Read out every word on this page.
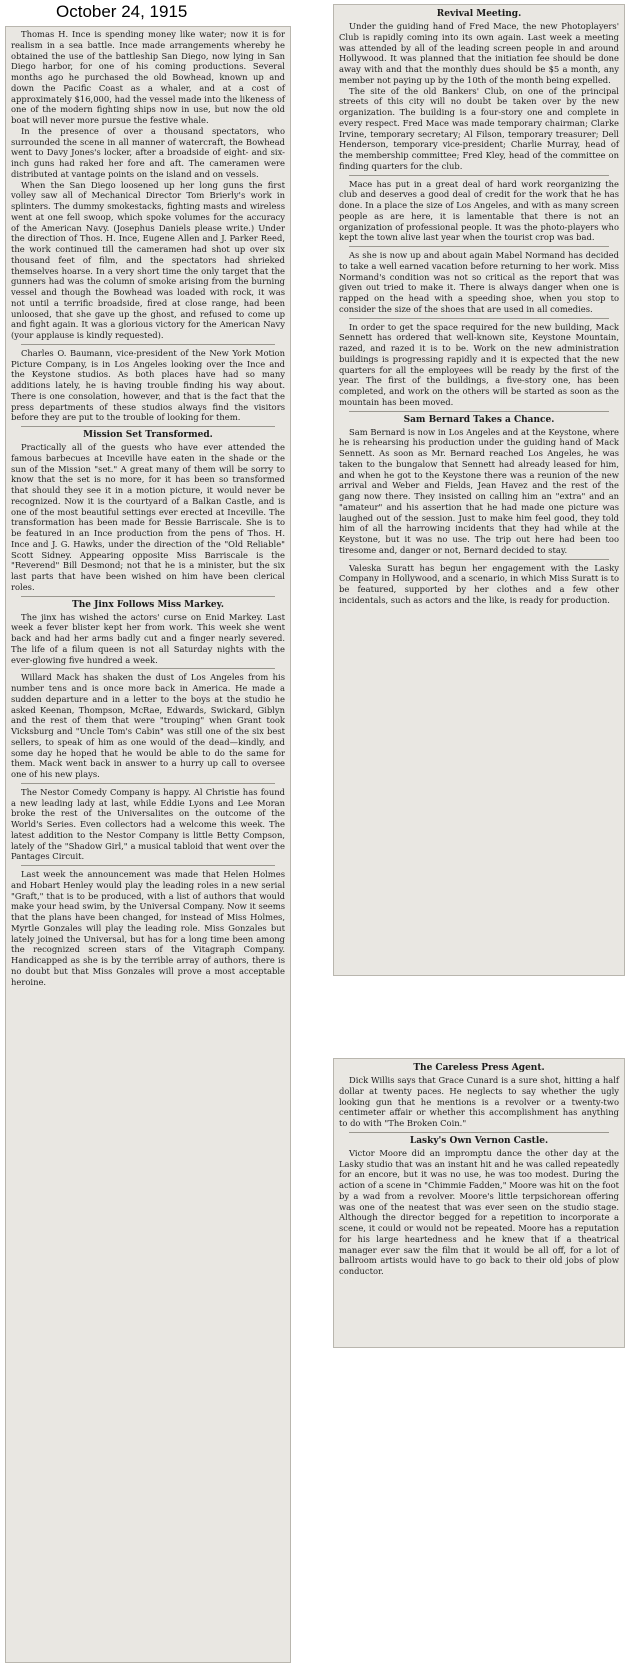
October 24, 1915

Thomas H. Ince is spending money like water; now it is for realism in a sea battle. Ince made arrangements whereby he obtained the use of the battleship San Diego, now lying in San Diego harbor, for one of his coming productions. Several months ago he purchased the old Bowhead, known up and down the Pacific Coast as a whaler, and at a cost of approximately $16,000, had the vessel made into the likeness of one of the modern fighting ships now in use, but now the old boat will never more pursue the festive whale.

In the presence of over a thousand spectators, who surrounded the scene in all manner of watercraft, the Bowhead went to Davy Jones's locker, after a broadside of eight- and six-inch guns had raked her fore and aft. The cameramen were distributed at vantage points on the island and on vessels.

When the San Diego loosened up her long guns the first volley saw all of Mechanical Director Tom Brierly's work in splinters. The dummy smokestacks, fighting masts and wireless went at one fell swoop, which spoke volumes for the accuracy of the American Navy. (Josephus Daniels please write.) Under the direction of Thos. H. Ince, Eugene Allen and J. Parker Reed, the work continued till the cameramen had shot up over six thousand feet of film, and the spectators had shrieked themselves hoarse. In a very short time the only target that the gunners had was the column of smoke arising from the burning vessel and though the Bowhead was loaded with rock, it was not until a terrific broadside, fired at close range, had been unloosed, that she gave up the ghost, and refused to come up and fight again. It was a glorious victory for the American Navy (your applause is kindly requested).

Charles O. Baumann, vice-president of the New York Motion Picture Company, is in Los Angeles looking over the Ince and the Keystone studios. As both places have had so many additions lately, he is having trouble finding his way about. There is one consolation, however, and that is the fact that the press departments of these studios always find the visitors before they are put to the trouble of looking for them.

Mission Set Transformed.

Practically all of the guests who have ever attended the famous barbecues at Inceville have eaten in the shade or the sun of the Mission "set." A great many of them will be sorry to know that the set is no more, for it has been so transformed that should they see it in a motion picture, it would never be recognized. Now it is the courtyard of a Balkan Castle, and is one of the most beautiful settings ever erected at Inceville. The transformation has been made for Bessie Barriscale. She is to be featured in an Ince production from the pens of Thos. H. Ince and J. G. Hawks, under the direction of the "Old Reliable" Scott Sidney. Appearing opposite Miss Barriscale is the "Reverend" Bill Desmond; not that he is a minister, but the six last parts that have been wished on him have been clerical roles.

The Jinx Follows Miss Markey.

The jinx has wished the actors' curse on Enid Markey. Last week a fever blister kept her from work. This week she went back and had her arms badly cut and a finger nearly severed. The life of a filum queen is not all Saturday nights with the ever-glowing five hundred a week.

Willard Mack has shaken the dust of Los Angeles from his number tens and is once more back in America. He made a sudden departure and in a letter to the boys at the studio he asked Keenan, Thompson, McRae, Edwards, Swickard, Giblyn and the rest of them that were "trouping" when Grant took Vicksburg and "Uncle Tom's Cabin" was still one of the six best sellers, to speak of him as one would of the dead—kindly, and some day he hoped that he would be able to do the same for them. Mack went back in answer to a hurry up call to oversee one of his new plays.

The Nestor Comedy Company is happy. Al Christie has found a new leading lady at last, while Eddie Lyons and Lee Moran broke the rest of the Universalites on the outcome of the World's Series. Even collectors had a welcome this week. The latest addition to the Nestor Company is little Betty Compson, lately of the "Shadow Girl," a musical tabloid that went over the Pantages Circuit.

Last week the announcement was made that Helen Holmes and Hobart Henley would play the leading roles in a new serial "Graft," that is to be produced, with a list of authors that would make your head swim, by the Universal Company. Now it seems that the plans have been changed, for instead of Miss Holmes, Myrtle Gonzales will play the leading role. Miss Gonzales but lately joined the Universal, but has for a long time been among the recognized screen stars of the Vitagraph Company. Handicapped as she is by the terrible array of authors, there is no doubt but that Miss Gonzales will prove a most acceptable heroine.

Revival Meeting.

Under the guiding hand of Fred Mace, the new Photoplayers' Club is rapidly coming into its own again. Last week a meeting was attended by all of the leading screen people in and around Hollywood. It was planned that the initiation fee should be done away with and that the monthly dues should be $5 a month, any member not paying up by the 10th of the month being expelled.

The site of the old Bankers' Club, on one of the principal streets of this city will no doubt be taken over by the new organization. The building is a four-story one and complete in every respect. Fred Mace was made temporary chairman; Clarke Irvine, temporary secretary; Al Filson, temporary treasurer; Dell Henderson, temporary vice-president; Charlie Murray, head of the membership committee; Fred Kley, head of the committee on finding quarters for the club.

Mace has put in a great deal of hard work reorganizing the club and deserves a good deal of credit for the work that he has done. In a place the size of Los Angeles, and with as many screen people as are here, it is lamentable that there is not an organization of professional people. It was the photo-players who kept the town alive last year when the tourist crop was bad.

As she is now up and about again Mabel Normand has decided to take a well earned vacation before returning to her work. Miss Normand's condition was not so critical as the report that was given out tried to make it. There is always danger when one is rapped on the head with a speeding shoe, when you stop to consider the size of the shoes that are used in all comedies.

In order to get the space required for the new building, Mack Sennett has ordered that well-known site, Keystone Mountain, razed, and razed it is to be. Work on the new administration buildings is progressing rapidly and it is expected that the new quarters for all the employees will be ready by the first of the year. The first of the buildings, a five-story one, has been completed, and work on the others will be started as soon as the mountain has been moved.

Sam Bernard Takes a Chance.

Sam Bernard is now in Los Angeles and at the Keystone, where he is rehearsing his production under the guiding hand of Mack Sennett. As soon as Mr. Bernard reached Los Angeles, he was taken to the bungalow that Sennett had already leased for him, and when he got to the Keystone there was a reunion of the new arrival and Weber and Fields, Jean Havez and the rest of the gang now there. They insisted on calling him an "extra" and an "amateur" and his assertion that he had made one picture was laughed out of the session. Just to make him feel good, they told him of all the harrowing incidents that they had while at the Keystone, but it was no use. The trip out here had been too tiresome and, danger or not, Bernard decided to stay.

Valeska Suratt has begun her engagement with the Lasky Company in Hollywood, and a scenario, in which Miss Suratt is to be featured, supported by her clothes and a few other incidentals, such as actors and the like, is ready for production.

The Careless Press Agent.

Dick Willis says that Grace Cunard is a sure shot, hitting a half dollar at twenty paces. He neglects to say whether the ugly looking gun that he mentions is a revolver or a twenty-two centimeter affair or whether this accomplishment has anything to do with "The Broken Coin."

Lasky's Own Vernon Castle.

Victor Moore did an impromptu dance the other day at the Lasky studio that was an instant hit and he was called repeatedly for an encore, but it was no use, he was too modest. During the action of a scene in "Chimmie Fadden," Moore was hit on the foot by a wad from a revolver. Moore's little terpsichorean offering was one of the neatest that was ever seen on the studio stage. Although the director begged for a repetition to incorporate a scene, it could or would not be repeated. Moore has a reputation for his large heartedness and he knew that if a theatrical manager ever saw the film that it would be all off, for a lot of ballroom artists would have to go back to their old jobs of plow conductor.
